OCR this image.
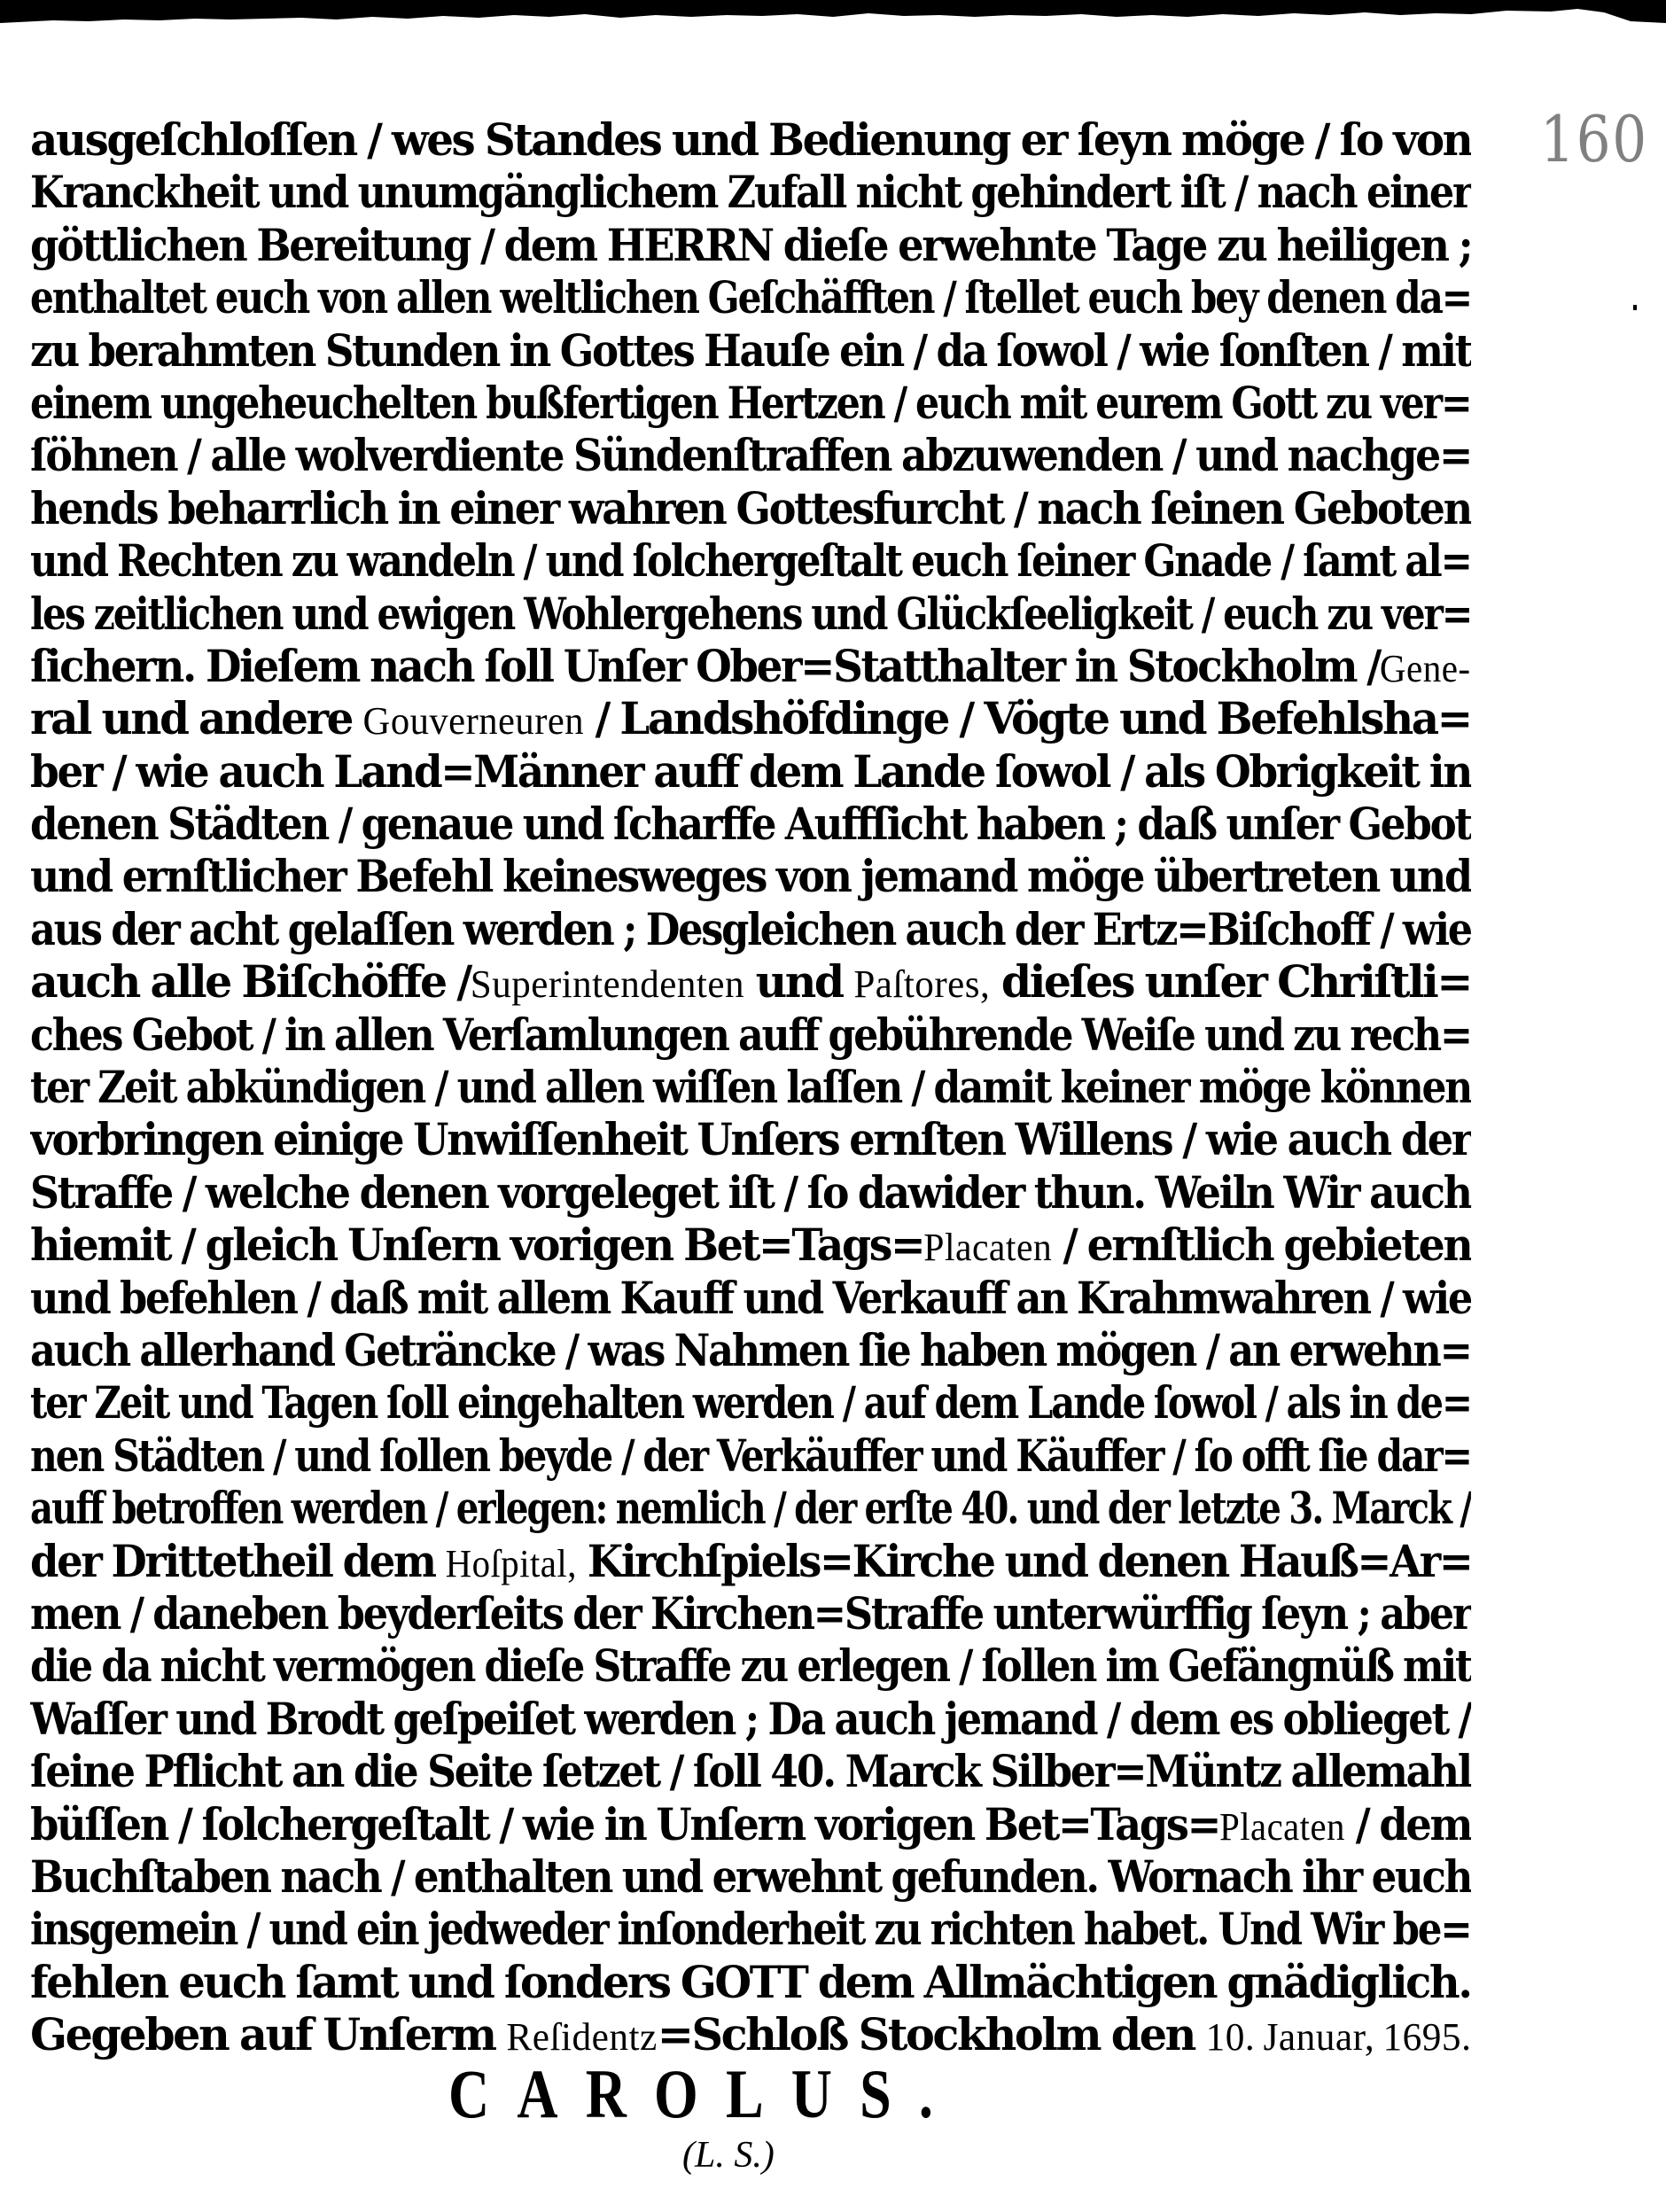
160
ausgeſchloſſen / wes Standes und Bedienung er ſeyn möge / ſo von
Kranckheit und unumgänglichem Zufall nicht gehindert iſt / nach einer
göttlichen Bereitung / dem HERRN dieſe erwehnte Tage zu heiligen ;
enthaltet euch von allen weltlichen Geſchäfften / ſtellet euch bey denen da=
zu berahmten Stunden in Gottes Hauſe ein / da ſowol / wie ſonſten / mit
einem ungeheuchelten bußfertigen Hertzen / euch mit eurem Gott zu ver=
ſöhnen / alle wolverdiente Sündenſtraffen abzuwenden / und nachge=
hends beharrlich in einer wahren Gottesfurcht / nach ſeinen Geboten
und Rechten zu wandeln / und ſolchergeſtalt euch ſeiner Gnade / ſamt al=
les zeitlichen und ewigen Wohlergehens und Glückſeeligkeit / euch zu ver=
ſichern. Dieſem nach ſoll Unſer Ober=Statthalter in Stockholm /Gene-
ral und andere Gouverneuren / Landshöfdinge / Vögte und Befehlsha=
ber / wie auch Land=Männer auff dem Lande ſowol / als Obrigkeit in
denen Städten / genaue und ſcharffe Auffſicht haben ; daß unſer Gebot
und ernſtlicher Befehl keinesweges von jemand möge übertreten und
aus der acht gelaſſen werden ; Desgleichen auch der Ertz=Biſchoff / wie
auch alle Biſchöffe /Superintendenten und Paſtores, dieſes unſer Chriſtli=
ches Gebot / in allen Verſamlungen auff gebührende Weiſe und zu rech=
ter Zeit abkündigen / und allen wiſſen laſſen / damit keiner möge können
vorbringen einige Unwiſſenheit Unſers ernſten Willens / wie auch der
Straffe / welche denen vorgeleget iſt / ſo dawider thun. Weiln Wir auch
hiemit / gleich Unſern vorigen Bet=Tags=Placaten / ernſtlich gebieten
und befehlen / daß mit allem Kauff und Verkauff an Krahmwahren / wie
auch allerhand Geträncke / was Nahmen ſie haben mögen / an erwehn=
ter Zeit und Tagen ſoll eingehalten werden / auf dem Lande ſowol / als in de=
nen Städten / und ſollen beyde / der Verkäuffer und Käuffer / ſo offt ſie dar=
auff betroffen werden / erlegen: nemlich / der erſte 40. und der letzte 3. Marck /
der Drittetheil dem Hoſpital, Kirchſpiels=Kirche und denen Hauß=Ar=
men / daneben beyderſeits der Kirchen=Straffe unterwürffig ſeyn ; aber
die da nicht vermögen dieſe Straffe zu erlegen / ſollen im Gefängnüß mit
Waſſer und Brodt geſpeiſet werden ; Da auch jemand / dem es oblieget /
ſeine Pflicht an die Seite ſetzet / ſoll 40. Marck Silber=Müntz allemahl
büſſen / ſolchergeſtalt / wie in Unſern vorigen Bet=Tags=Placaten / dem
Buchſtaben nach / enthalten und erwehnt gefunden. Wornach ihr euch
insgemein / und ein jedweder inſonderheit zu richten habet. Und Wir be=
fehlen euch ſamt und ſonders GOTT dem Allmächtigen gnädiglich.
Gegeben auf Unſerm Reſidentz=Schloß Stockholm den 10. Januar, 1695.
CAROLUS.
(L. S.)
